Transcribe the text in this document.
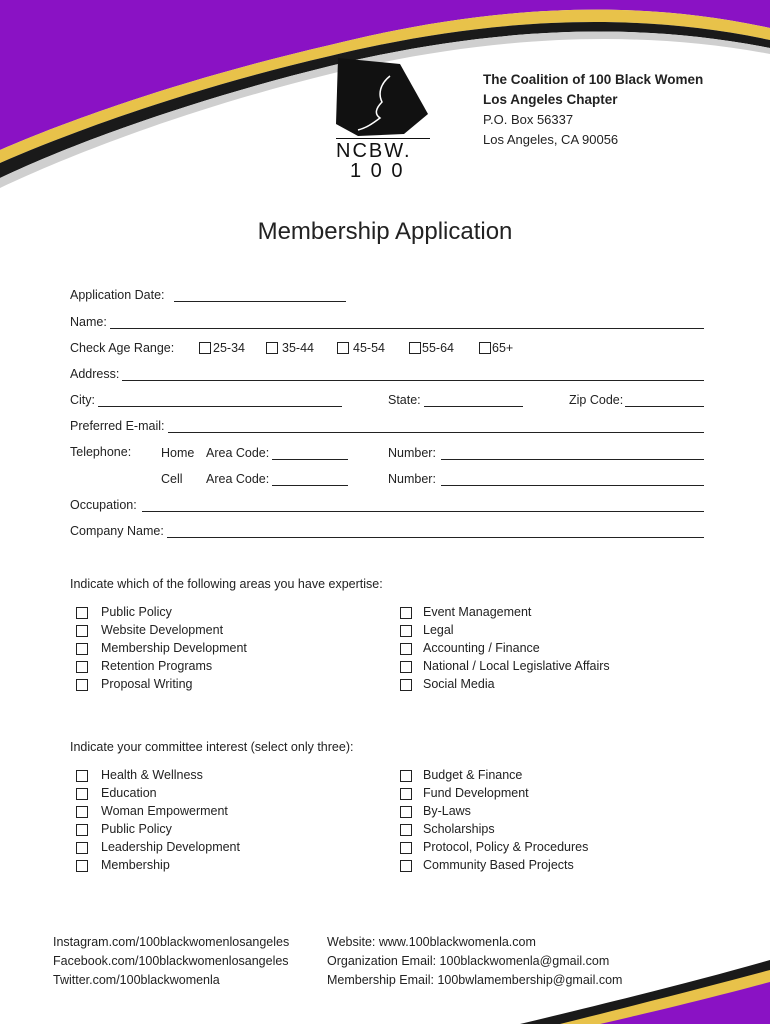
NCBW.
1 0 0
The Coalition of 100 Black Women
Los Angeles Chapter
P.O. Box 56337
Los Angeles, CA 90056
Membership Application
Application Date:
Name:
Check Age Range:	25-34	35-44	45-54	55-64	65+
Address:
City:	State:	Zip Code:
Preferred E-mail:
Telephone: Home Area Code:	Number:
Cell Area Code:	Number:
Occupation:
Company Name:
Indicate which of the following areas you have expertise:
Public Policy
Website Development
Membership Development
Retention Programs
Proposal Writing
Event Management
Legal
Accounting / Finance
National / Local Legislative Affairs
Social Media
Indicate your committee interest (select only three):
Health & Wellness
Education
Woman Empowerment
Public Policy
Leadership Development
Membership
Budget & Finance
Fund Development
By-Laws
Scholarships
Protocol, Policy & Procedures
Community Based Projects
Instagram.com/100blackwomenlosangeles
Facebook.com/100blackwomenlosangeles
Twitter.com/100blackwomenla
Website: www.100blackwomenla.com
Organization Email: 100blackwomenla@gmail.com
Membership Email: 100bwlamembership@gmail.com
